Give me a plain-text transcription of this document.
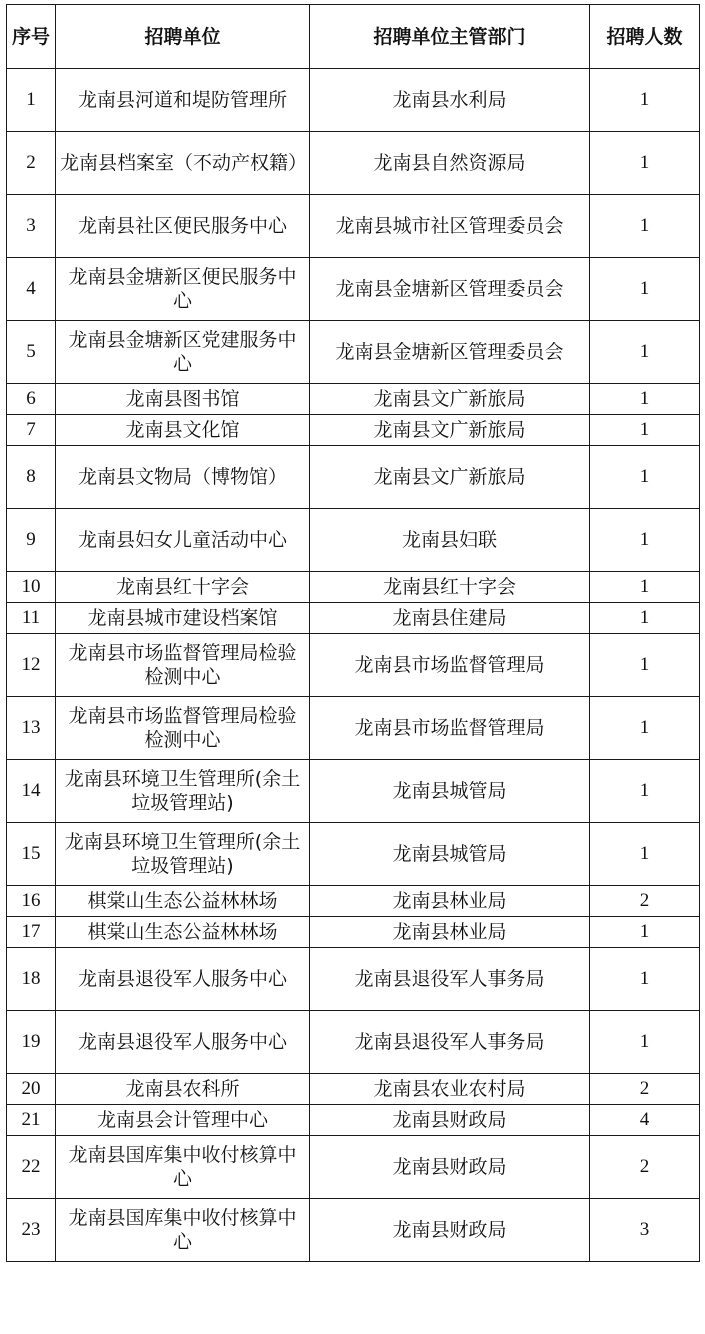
序号	招聘单位	招聘单位主管部门	招聘人数
1	龙南县河道和堤防管理所	龙南县水利局	1
2	龙南县档案室（不动产权籍）	龙南县自然资源局	1
3	龙南县社区便民服务中心	龙南县城市社区管理委员会	1
4	龙南县金塘新区便民服务中心	龙南县金塘新区管理委员会	1
5	龙南县金塘新区党建服务中心	龙南县金塘新区管理委员会	1
6	龙南县图书馆	龙南县文广新旅局	1
7	龙南县文化馆	龙南县文广新旅局	1
8	龙南县文物局（博物馆）	龙南县文广新旅局	1
9	龙南县妇女儿童活动中心	龙南县妇联	1
10	龙南县红十字会	龙南县红十字会	1
11	龙南县城市建设档案馆	龙南县住建局	1
12	龙南县市场监督管理局检验检测中心	龙南县市场监督管理局	1
13	龙南县市场监督管理局检验检测中心	龙南县市场监督管理局	1
14	龙南县环境卫生管理所(余土垃圾管理站)	龙南县城管局	1
15	龙南县环境卫生管理所(余土垃圾管理站)	龙南县城管局	1
16	棋棠山生态公益林林场	龙南县林业局	2
17	棋棠山生态公益林林场	龙南县林业局	1
18	龙南县退役军人服务中心	龙南县退役军人事务局	1
19	龙南县退役军人服务中心	龙南县退役军人事务局	1
20	龙南县农科所	龙南县农业农村局	2
21	龙南县会计管理中心	龙南县财政局	4
22	龙南县国库集中收付核算中心	龙南县财政局	2
23	龙南县国库集中收付核算中心	龙南县财政局	3
